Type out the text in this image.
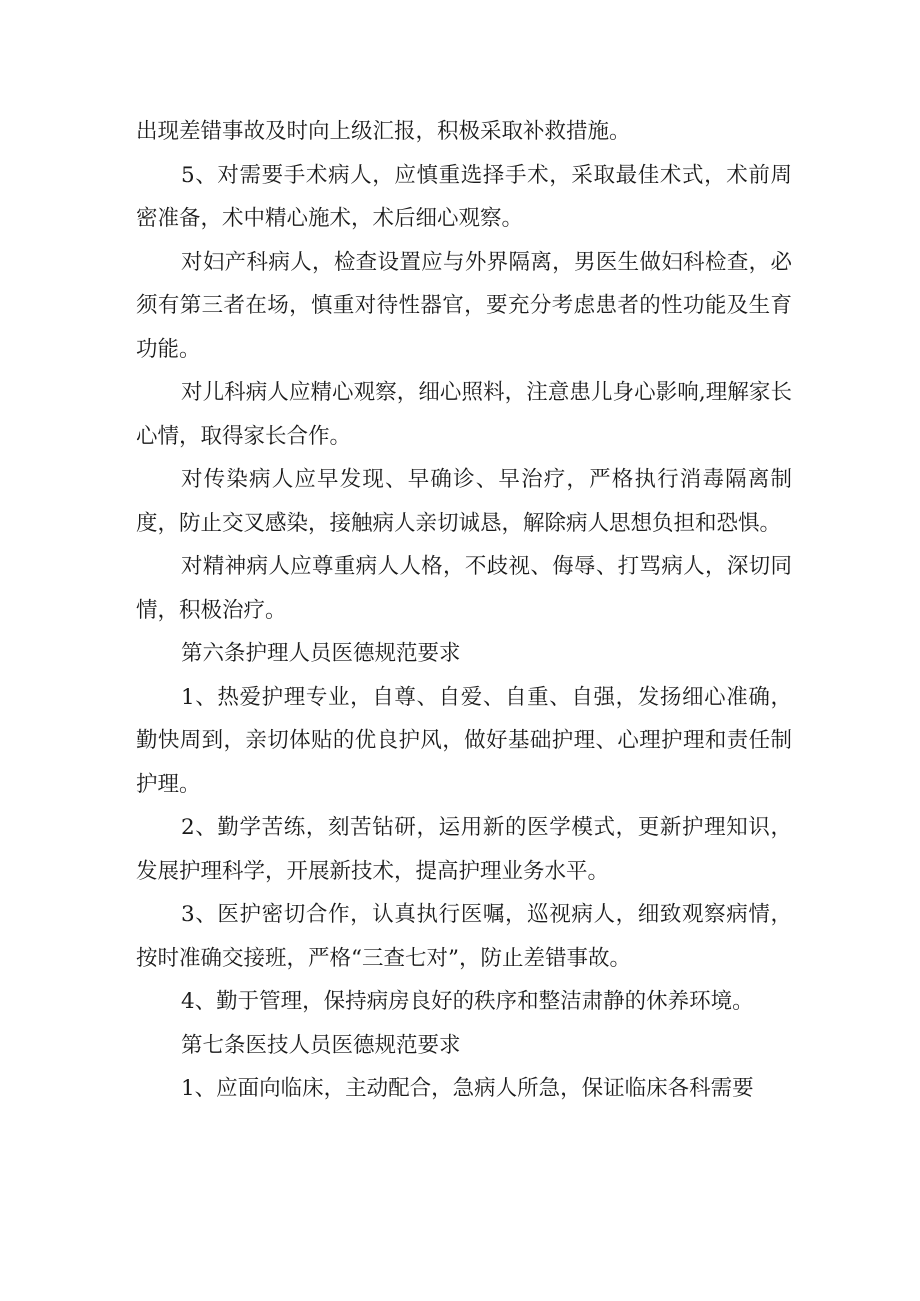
出现差错事故及时向上级汇报，积极采取补救措施。

5、对需要手术病人，应慎重选择手术，采取最佳术式，术前周密准备，术中精心施术，术后细心观察。

对妇产科病人，检查设置应与外界隔离，男医生做妇科检查，必须有第三者在场，慎重对待性器官，要充分考虑患者的性功能及生育功能。

对儿科病人应精心观察，细心照料，注意患儿身心影响,理解家长心情，取得家长合作。

对传染病人应早发现、早确诊、早治疗，严格执行消毒隔离制度，防止交叉感染，接触病人亲切诚恳，解除病人思想负担和恐惧。

对精神病人应尊重病人人格，不歧视、侮辱、打骂病人，深切同情，积极治疗。

第六条护理人员医德规范要求

1、热爱护理专业，自尊、自爱、自重、自强，发扬细心准确，勤快周到，亲切体贴的优良护风，做好基础护理、心理护理和责任制护理。

2、勤学苦练，刻苦钻研，运用新的医学模式，更新护理知识，发展护理科学，开展新技术，提高护理业务水平。

3、医护密切合作，认真执行医嘱，巡视病人，细致观察病情，按时准确交接班，严格“三查七对”，防止差错事故。

4、勤于管理，保持病房良好的秩序和整洁肃静的休养环境。

第七条医技人员医德规范要求

1、应面向临床，主动配合，急病人所急，保证临床各科需要
